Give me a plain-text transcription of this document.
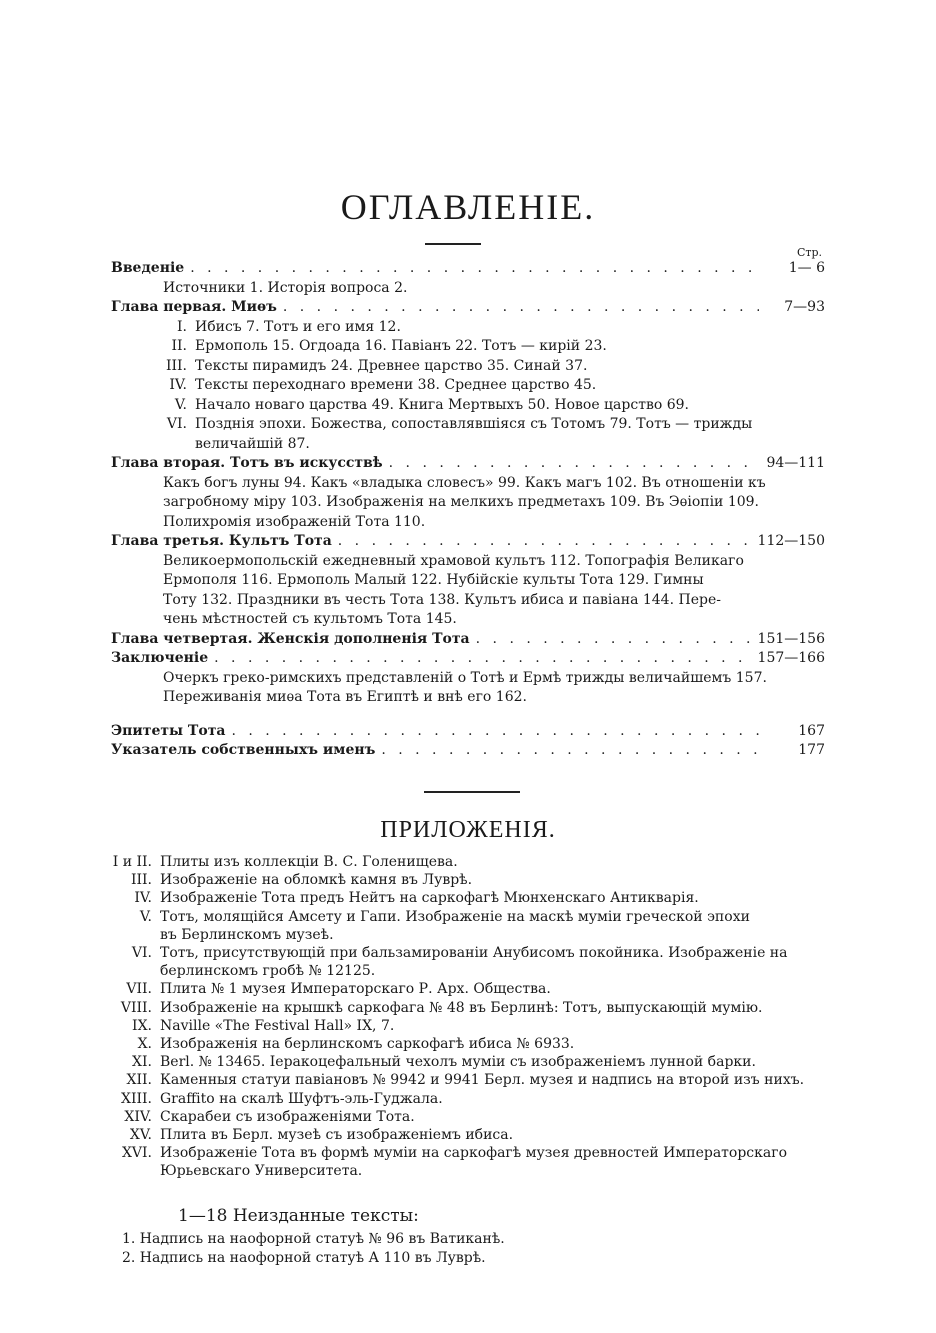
ОГЛАВЛЕНІЕ.
Стр.
Введеніе . . .	1— 6
Источники 1. Исторія вопроса 2.
Глава первая. Миѳъ . . .	7—93
I. Ибисъ 7. Тотъ и его имя 12.
II. Ермополь 15. Огдоада 16. Павіанъ 22. Тотъ — кирій 23.
III. Тексты пирамидъ 24. Древнее царство 35. Синай 37.
IV. Тексты переходнаго времени 38. Среднее царство 45.
V. Начало новаго царства 49. Книга Мертвыхъ 50. Новое царство 69.
VI. Позднія эпохи. Божества, сопоставлявшіяся съ Тотомъ 79. Тотъ — трижды
величайшій 87.
Глава вторая. Тотъ въ искусствѣ . . .	94—111
Какъ богъ луны 94. Какъ «владыка словесъ» 99. Какъ магъ 102. Въ отношеніи къ
загробному міру 103. Изображенія на мелкихъ предметахъ 109. Въ Эѳіопіи 109.
Полихромія изображеній Тота 110.
Глава третья. Культъ Тота . . .	112—150
Великоермопольскій ежедневный храмовой культъ 112. Топографія Великаго
Ермополя 116. Ермополь Малый 122. Нубійскіе культы Тота 129. Гимны
Тоту 132. Праздники въ честь Тота 138. Культъ ибиса и павіана 144. Пере-
чень мѣстностей съ культомъ Тота 145.
Глава четвертая. Женскія дополненія Тота . . .	151—156
Заключеніе . . .	157—166
Очеркъ греко-римскихъ представленій о Тотѣ и Ермѣ трижды величайшемъ 157.
Переживанія миѳа Тота въ Египтѣ и внѣ его 162.
Эпитеты Тота . . .	167
Указатель собственныхъ именъ . . .	177
ПРИЛОЖЕНІЯ.
I и II. Плиты изъ коллекціи В. С. Голенищева.
III. Изображеніе на обломкѣ камня въ Луврѣ.
IV. Изображеніе Тота предъ Нейтъ на саркофагѣ Мюнхенскаго Антикварія.
V. Тотъ, молящійся Амсету и Гапи. Изображеніе на маскѣ муміи греческой эпохи
въ Берлинскомъ музеѣ.
VI. Тотъ, присутствующій при бальзамированіи Анубисомъ покойника. Изображеніе на
берлинскомъ гробѣ № 12125.
VII. Плита № 1 музея Императорскаго Р. Арх. Общества.
VIII. Изображеніе на крышкѣ саркофага № 48 въ Берлинѣ: Тотъ, выпускающій мумію.
IX. Naville «The Festival Hall» IX, 7.
X. Изображенія на берлинскомъ саркофагѣ ибиса № 6933.
XI. Berl. № 13465. Іеракоцефальный чехолъ муміи съ изображеніемъ лунной барки.
XII. Каменныя статуи павіановъ № 9942 и 9941 Берл. музея и надпись на второй изъ нихъ.
XIII. Graffito на скалѣ Шуфтъ-эль-Гуджала.
XIV. Скарабеи съ изображеніями Тота.
XV. Плита въ Берл. музеѣ съ изображеніемъ ибиса.
XVI. Изображеніе Тота въ формѣ муміи на саркофагѣ музея древностей Императорскаго
Юрьевскаго Университета.
1—18 Неизданные тексты:
1. Надпись на наофорной статуѣ № 96 въ Ватиканѣ.
2. Надпись на наофорной статуѣ А 110 въ Луврѣ.
